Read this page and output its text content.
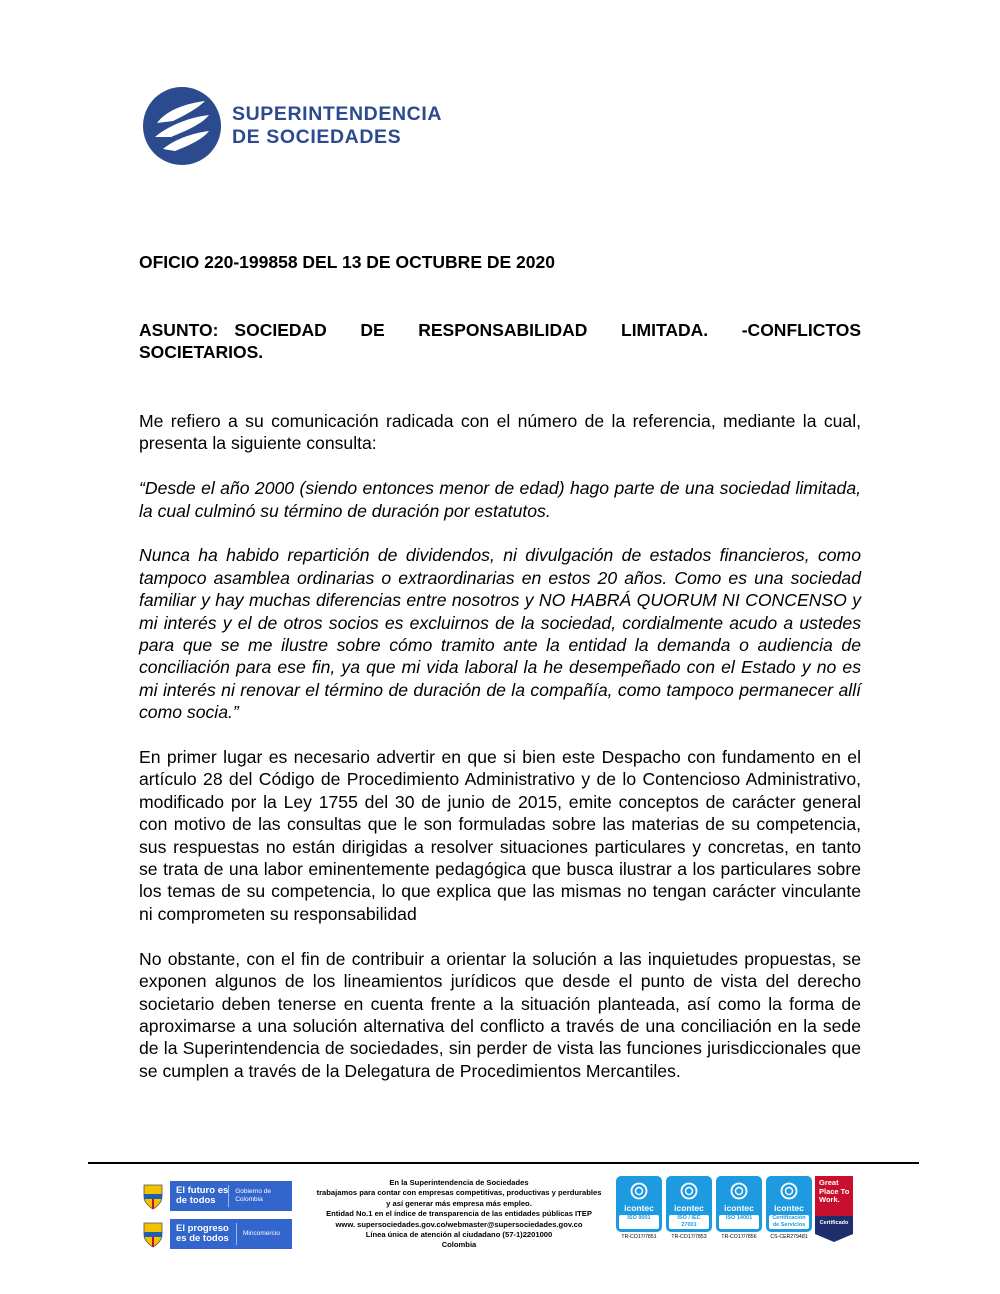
SUPERINTENDENCIA
DE SOCIEDADES
OFICIO 220-199858 DEL 13 DE OCTUBRE DE 2020
ASUNTO: SOCIEDAD DE RESPONSABILIDAD LIMITADA. -CONFLICTOS SOCIETARIOS.

Me refiero a su comunicación radicada con el número de la referencia, mediante la cual, presenta la siguiente consulta:

“Desde el año 2000 (siendo entonces menor de edad) hago parte de una sociedad limitada, la cual culminó su término de duración por estatutos.

Nunca ha habido repartición de dividendos, ni divulgación de estados financieros, como tampoco asamblea ordinarias o extraordinarias en estos 20 años. Como es una sociedad familiar y hay muchas diferencias entre nosotros y NO HABRÁ QUORUM NI CONCENSO y mi interés y el de otros socios es excluirnos de la sociedad, cordialmente acudo a ustedes para que se me ilustre sobre cómo tramito ante la entidad la demanda o audiencia de conciliación para ese fin, ya que mi vida laboral la he desempeñado con el Estado y no es mi interés ni renovar el término de duración de la compañía, como tampoco permanecer allí como socia.”

En primer lugar es necesario advertir en que si bien este Despacho con fundamento en el artículo 28 del Código de Procedimiento Administrativo y de lo Contencioso Administrativo, modificado por la Ley 1755 del 30 de junio de 2015, emite conceptos de carácter general con motivo de las consultas que le son formuladas sobre las materias de su competencia, sus respuestas no están dirigidas a resolver situaciones particulares y concretas, en tanto se trata de una labor eminentemente pedagógica que busca ilustrar a los particulares sobre los temas de su competencia, lo que explica que las mismas no tengan carácter vinculante ni comprometen su responsabilidad

No obstante, con el fin de contribuir a orientar la solución a las inquietudes propuestas, se exponen algunos de los lineamientos jurídicos que desde el punto de vista del derecho societario deben tenerse en cuenta frente a la situación planteada, así como la forma de aproximarse a una solución alternativa del conflicto a través de una conciliación en la sede de la Superintendencia de sociedades, sin perder de vista las funciones jurisdiccionales que se cumplen a través de la Delegatura de Procedimientos Mercantiles.

El futuro es de todos
Gobierno de Colombia
El progreso es de todos	Mincomercio
En la Superintendencia de Sociedades
trabajamos para contar con empresas competitivas, productivas y perdurables
y así generar más empresa más empleo.
Entidad No.1 en el índice de transparencia de las entidades públicas ITEP
www. supersociedades.gov.co/webmaster@supersociedades.gov.co
Línea única de atención al ciudadano (57-1)2201000
Colombia
icontec
ISO 9001
TR-CO17/7851
icontec
ISO / IEC 27001
TR-CO17/7853
icontec
ISO 14001
TR-CO17/7856
icontec
Certificación de Servicios
CS-CER279481
Great Place To Work.
Certificado
